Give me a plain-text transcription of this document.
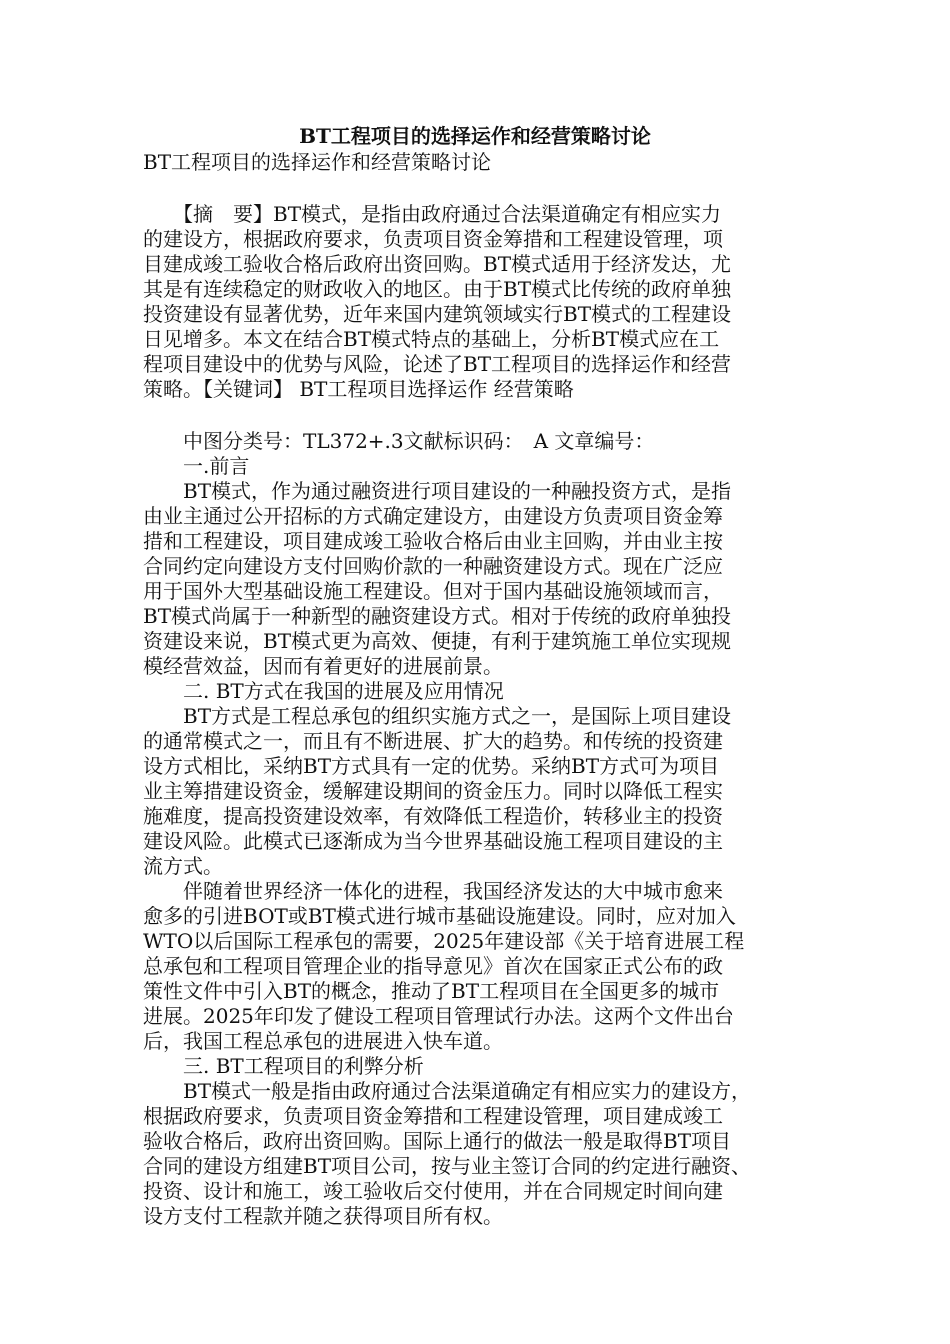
BT工程项目的选择运作和经营策略讨论
BT工程项目的选择运作和经营策略讨论
　　【摘　要】BT模式，是指由政府通过合法渠道确定有相应实力
的建设方，根据政府要求，负责项目资金筹措和工程建设管理，项
目建成竣工验收合格后政府出资回购。BT模式适用于经济发达，尤
其是有连续稳定的财政收入的地区。由于BT模式比传统的政府单独
投资建设有显著优势，近年来国内建筑领域实行BT模式的工程建设
日见增多。本文在结合BT模式特点的基础上，分析BT模式应在工
程项目建设中的优势与风险，论述了BT工程项目的选择运作和经营
策略。【关键词】 BT工程项目选择运作 经营策略
　　中图分类号：TL372+.3文献标识码：　A 文章编号：
　　一.前言
　　BT模式，作为通过融资进行项目建设的一种融投资方式，是指
由业主通过公开招标的方式确定建设方，由建设方负责项目资金筹
措和工程建设，项目建成竣工验收合格后由业主回购，并由业主按
合同约定向建设方支付回购价款的一种融资建设方式。现在广泛应
用于国外大型基础设施工程建设。但对于国内基础设施领域而言，
BT模式尚属于一种新型的融资建设方式。相对于传统的政府单独投
资建设来说，BT模式更为高效、便捷，有利于建筑施工单位实现规
模经营效益，因而有着更好的进展前景。
　　二. BT方式在我国的进展及应用情况
　　BT方式是工程总承包的组织实施方式之一，是国际上项目建设
的通常模式之一，而且有不断进展、扩大的趋势。和传统的投资建
设方式相比，采纳BT方式具有一定的优势。采纳BT方式可为项目
业主筹措建设资金，缓解建设期间的资金压力。同时以降低工程实
施难度，提高投资建设效率，有效降低工程造价，转移业主的投资
建设风险。此模式已逐渐成为当今世界基础设施工程项目建设的主
流方式。
　　伴随着世界经济一体化的进程，我国经济发达的大中城市愈来
愈多的引进BOT或BT模式进行城市基础设施建设。同时，应对加入
WTO以后国际工程承包的需要，2025年建设部《关于培育进展工程
总承包和工程项目管理企业的指导意见》首次在国家正式公布的政
策性文件中引入BT的概念，推动了BT工程项目在全国更多的城市
进展。2025年印发了健设工程项目管理试行办法。这两个文件出台
后，我国工程总承包的进展进入快车道。
　　三. BT工程项目的利弊分析
　　BT模式一般是指由政府通过合法渠道确定有相应实力的建设方，
根据政府要求，负责项目资金筹措和工程建设管理，项目建成竣工
验收合格后，政府出资回购。国际上通行的做法一般是取得BT项目
合同的建设方组建BT项目公司，按与业主签订合同的约定进行融资、
投资、设计和施工，竣工验收后交付使用，并在合同规定时间向建
设方支付工程款并随之获得项目所有权。
